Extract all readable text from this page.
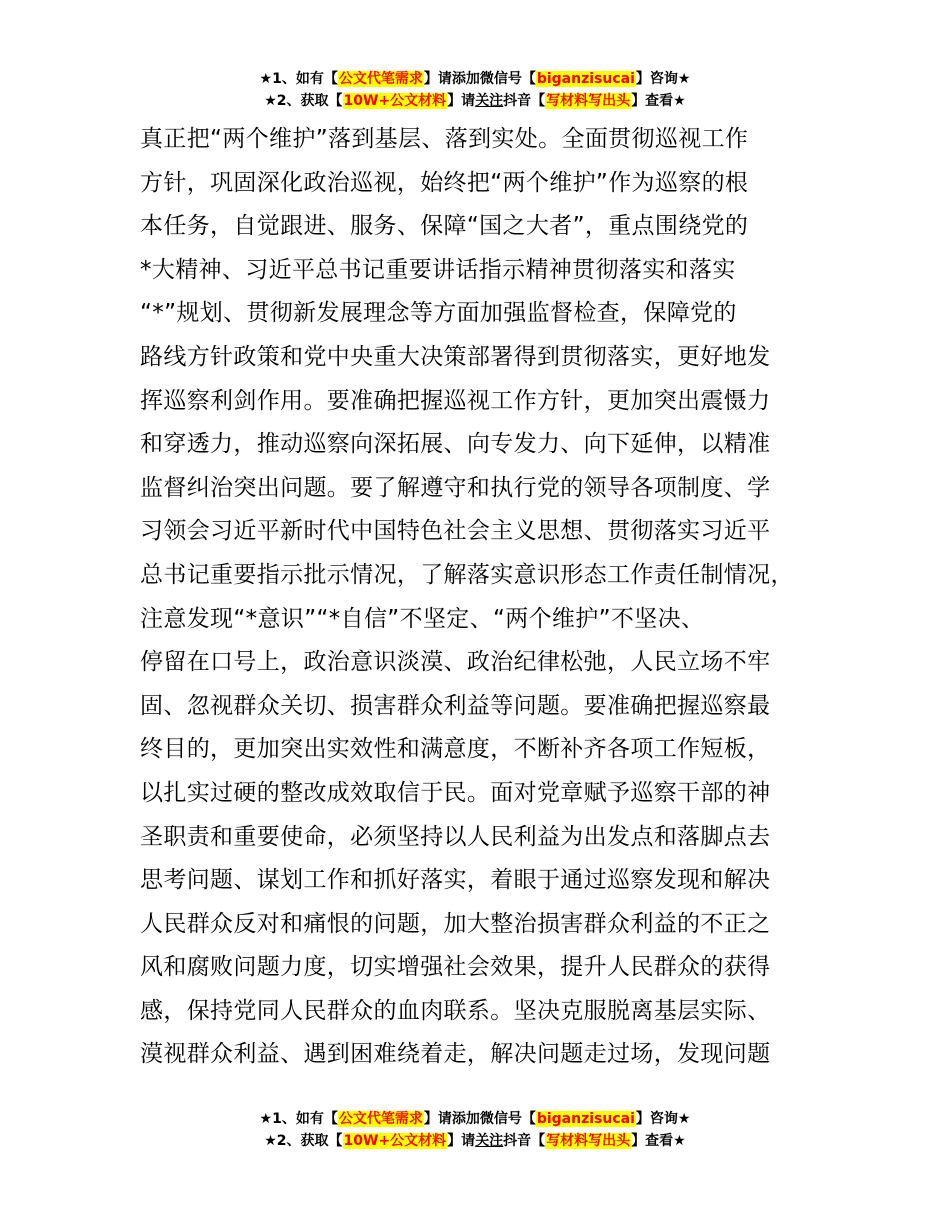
★1、如有【公文代笔需求】请添加微信号【biganzisucai】咨询★
★2、获取【10W+公文材料】请关注抖音【写材料写出头】查看★
真正把“两个维护”落到基层、落到实处。全面贯彻巡视工作
方针，巩固深化政治巡视，始终把“两个维护”作为巡察的根
本任务，自觉跟进、服务、保障“国之大者”，重点围绕党的
*大精神、习近平总书记重要讲话指示精神贯彻落实和落实
“*”规划、贯彻新发展理念等方面加强监督检查，保障党的
路线方针政策和党中央重大决策部署得到贯彻落实，更好地发
挥巡察利剑作用。要准确把握巡视工作方针，更加突出震慑力
和穿透力，推动巡察向深拓展、向专发力、向下延伸，以精准
监督纠治突出问题。要了解遵守和执行党的领导各项制度、学
习领会习近平新时代中国特色社会主义思想、贯彻落实习近平
总书记重要指示批示情况，了解落实意识形态工作责任制情况，
注意发现“*意识”“*自信”不坚定、“两个维护”不坚决、
停留在口号上，政治意识淡漠、政治纪律松弛，人民立场不牢
固、忽视群众关切、损害群众利益等问题。要准确把握巡察最
终目的，更加突出实效性和满意度，不断补齐各项工作短板，
以扎实过硬的整改成效取信于民。面对党章赋予巡察干部的神
圣职责和重要使命，必须坚持以人民利益为出发点和落脚点去
思考问题、谋划工作和抓好落实，着眼于通过巡察发现和解决
人民群众反对和痛恨的问题，加大整治损害群众利益的不正之
风和腐败问题力度，切实增强社会效果，提升人民群众的获得
感，保持党同人民群众的血肉联系。坚决克服脱离基层实际、
漠视群众利益、遇到困难绕着走，解决问题走过场，发现问题
★1、如有【公文代笔需求】请添加微信号【biganzisucai】咨询★
★2、获取【10W+公文材料】请关注抖音【写材料写出头】查看★
